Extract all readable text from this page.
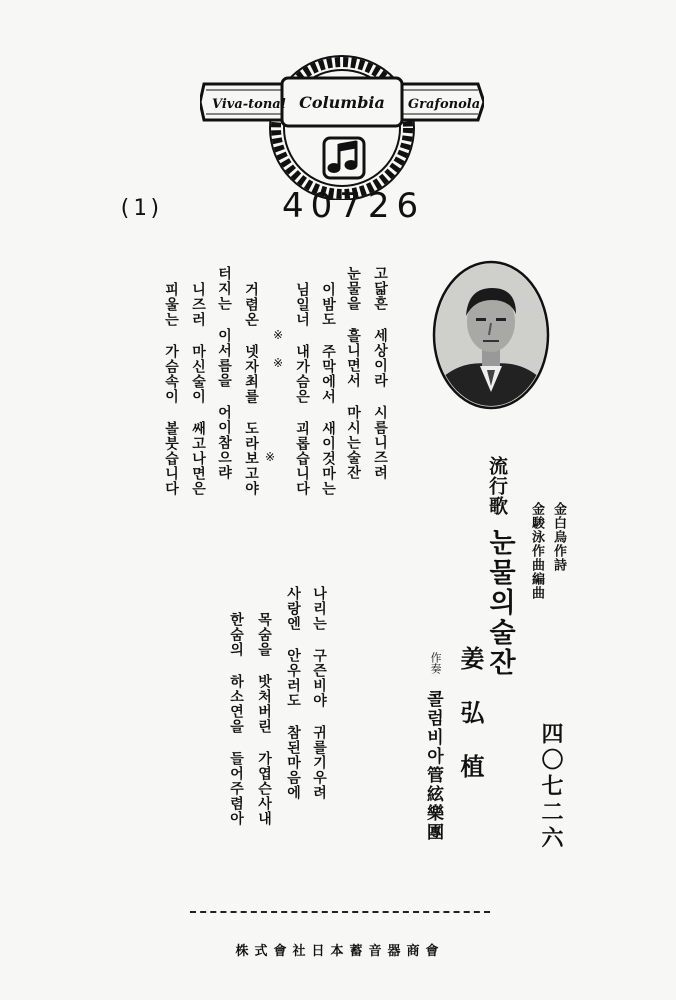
Viva-tonal Columbia Grafonola
(1)	40726
고닯흔 세상이라 시름니즈려
눈물을 흘니면서 마시는술잔
이밤도 주막에서 새이것마는
님일너 내가슴은 괴롭습니다
※ ※
거렴온 넷자최를 도라보고야
터지는 이서름을 어이참으랴
니즈러 마신술이 쌔고나면은
피울는 가슴속이 볼붓습니다	※
나리는 구즌비야 귀를기우려
사랑엔 안우러도 참된마음에
목숨을 밧처버린 가엽슨사내
한숨의 하소연을 들어주렴아
流行歌
눈물의술잔	金白烏作詩
金駿泳作曲編曲
作奏 姜弘植
콜럼비아管絃樂團	四〇七二六
株式會社日本蓄音器商會
